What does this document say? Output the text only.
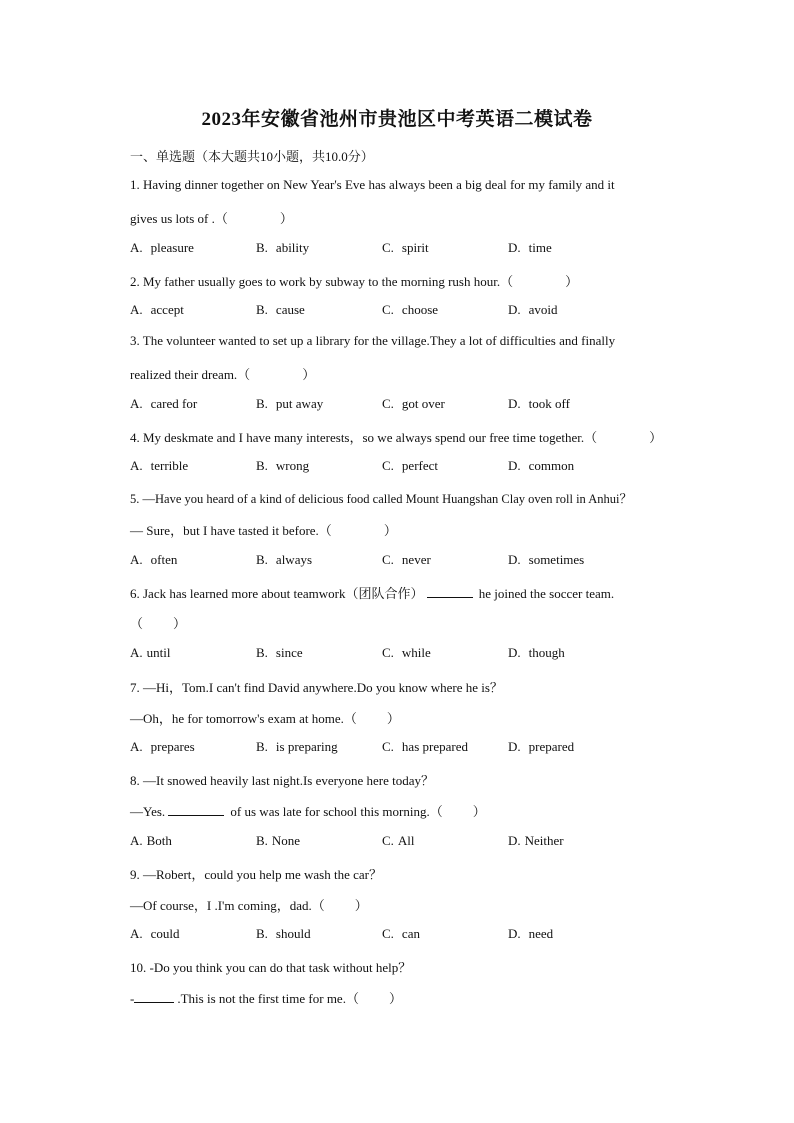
2023年安徽省池州市贵池区中考英语二模试卷
一、单选题（本大题共10小题，共10.0分）
1. Having dinner together on New Year's Eve has always been a big deal for my family and it
gives us lots of .（	）
A. pleasure	B. ability	C. spirit	D. time
2. My father usually goes to work by subway to the morning rush hour.（	）
A. accept	B. cause	C. choose	D. avoid
3. The volunteer wanted to set up a library for the village.They a lot of difficulties and finally
realized their dream.（	）
A. cared for	B. put away	C. got over	D. took off
4. My deskmate and I have many interests，so we always spend our free time together.（	）
A. terrible	B. wrong	C. perfect	D. common
5. —Have you heard of a kind of delicious food called Mount Huangshan Clay oven roll in Anhui？
— Sure，but I have tasted it before.（	）
A. often	B. always	C. never	D. sometimes
6. Jack has learned more about teamwork（团队合作）	he joined the soccer team.
（ ）
A. until	B. since	C. while	D. though
7. —Hi，Tom.I can't find David anywhere.Do you know where he is？
—Oh，he for tomorrow's exam at home.（ ）
A. prepares	B. is preparing	C. has prepared	D. prepared
8. —It snowed heavily last night.Is everyone here today？
—Yes.	of us was late for school this morning.（ ）
A. Both	B. None	C. All	D. Neither
9. —Robert，could you help me wash the car？
—Of course，I .I'm coming，dad.（ ）
A. could	B. should	C. can	D. need
10. -Do you think you can do that task without help？
-	.This is not the first time for me.（ ）
